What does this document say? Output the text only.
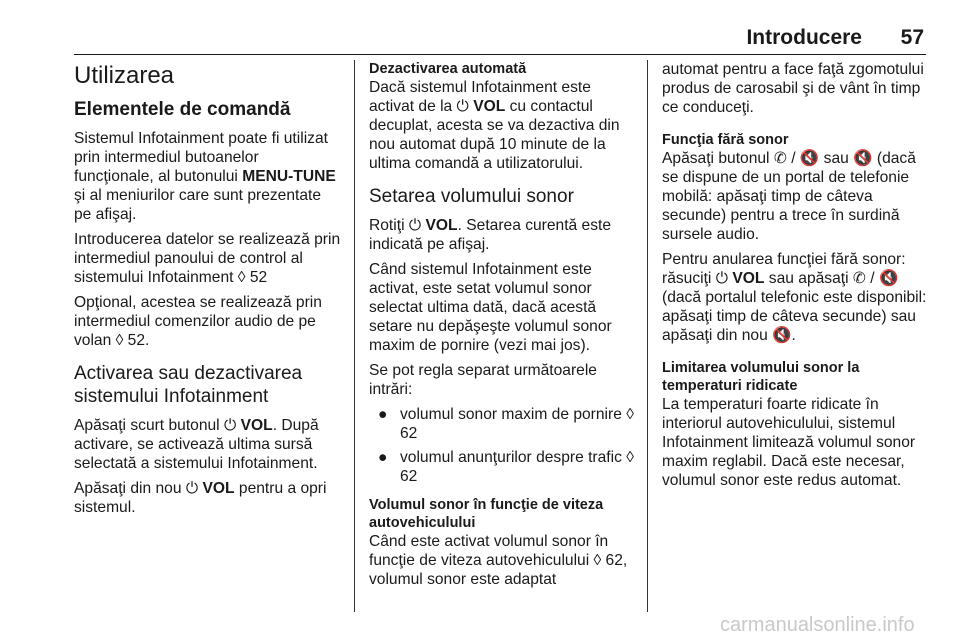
Introducere 57
Utilizarea
Elementele de comandă

Sistemul Infotainment poate fi utilizat prin intermediul butoanelor funcţionale, al butonului MENU-TUNE şi al meniurilor care sunt prezentate pe afişaj.

Introducerea datelor se realizează prin intermediul panoului de control al sistemului Infotainment ◊ 52

Opţional, acestea se realizează prin intermediul comenzilor audio de pe volan ◊ 52.

Activarea sau dezactivarea sistemului Infotainment

Apăsaţi scurt butonul ⏻ VOL. După activare, se activează ultima sursă selectată a sistemului Infotainment.

Apăsaţi din nou ⏻ VOL pentru a opri sistemul.

Dezactivarea automată

Dacă sistemul Infotainment este activat de la ⏻ VOL cu contactul decuplat, acesta se va dezactiva din nou automat după 10 minute de la ultima comandă a utilizatorului.

Setarea volumului sonor

Rotiţi ⏻ VOL. Setarea curentă este indicată pe afişaj.

Când sistemul Infotainment este activat, este setat volumul sonor selectat ultima dată, dacă acestă setare nu depăşeşte volumul sonor maxim de pornire (vezi mai jos).

Se pot regla separat următoarele intrări:

● volumul sonor maxim de pornire ◊ 62
● volumul anunţurilor despre trafic ◊ 62
Volumul sonor în funcţie de viteza autovehiculului

Când este activat volumul sonor în funcţie de viteza autovehiculului ◊ 62, volumul sonor este adaptat

automat pentru a face faţă zgomotului produs de carosabil şi de vânt în timp ce conduceţi.

Funcţia fără sonor

Apăsaţi butonul ✆ / 🔇 sau 🔇 (dacă se dispune de un portal de telefonie mobilă: apăsaţi timp de câteva secunde) pentru a trece în surdină sursele audio.

Pentru anularea funcţiei fără sonor: răsuciţi ⏻ VOL sau apăsaţi ✆ / 🔇 (dacă portalul telefonic este disponibil: apăsaţi timp de câteva secunde) sau apăsaţi din nou 🔇.

Limitarea volumului sonor la temperaturi ridicate

La temperaturi foarte ridicate în interiorul autovehiculului, sistemul Infotainment limitează volumul sonor maxim reglabil. Dacă este necesar, volumul sonor este redus automat.

carmanualsonline.info
